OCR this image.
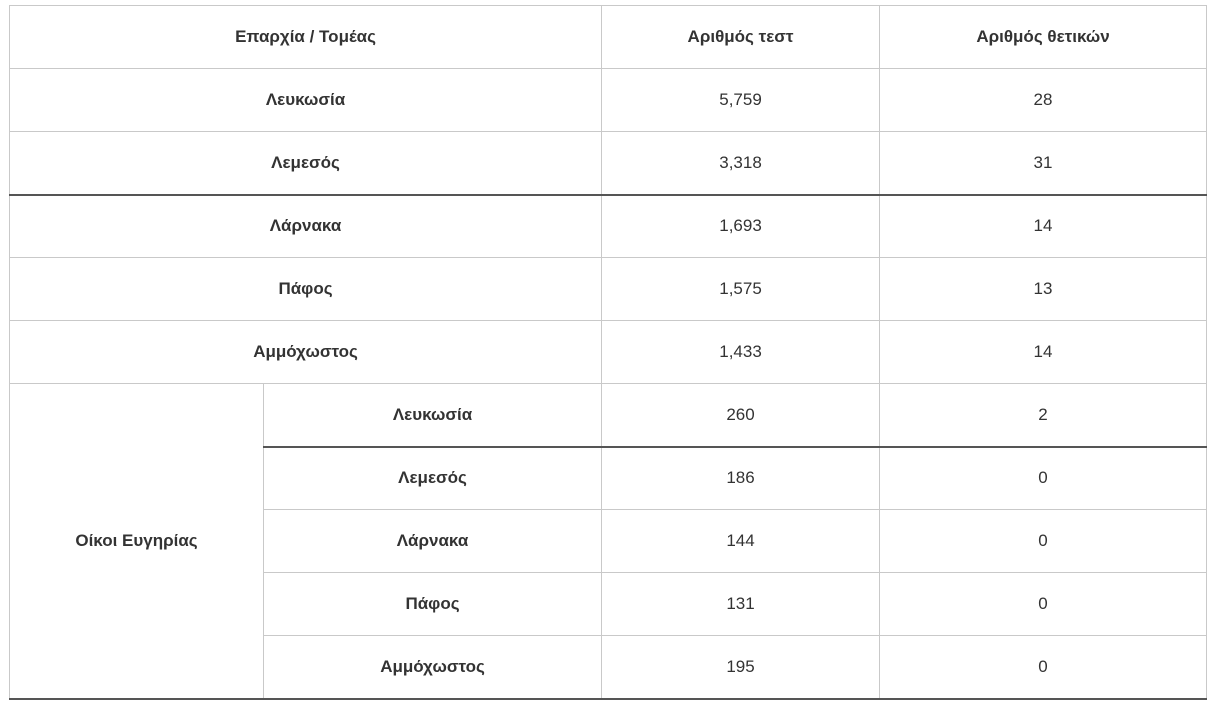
Επαρχία / Τομέας		Αριθμός τεστ	Αριθμός θετικών
Λευκωσία		5,759	28
Λεμεσός		3,318	31
Λάρνακα		1,693	14
Πάφος		1,575	13
Αμμόχωστος		1,433	14
Οίκοι Ευγηρίας	Λευκωσία	260	2
	Λεμεσός	186	0
	Λάρνακα	144	0
	Πάφος	131	0
	Αμμόχωστος	195	0
